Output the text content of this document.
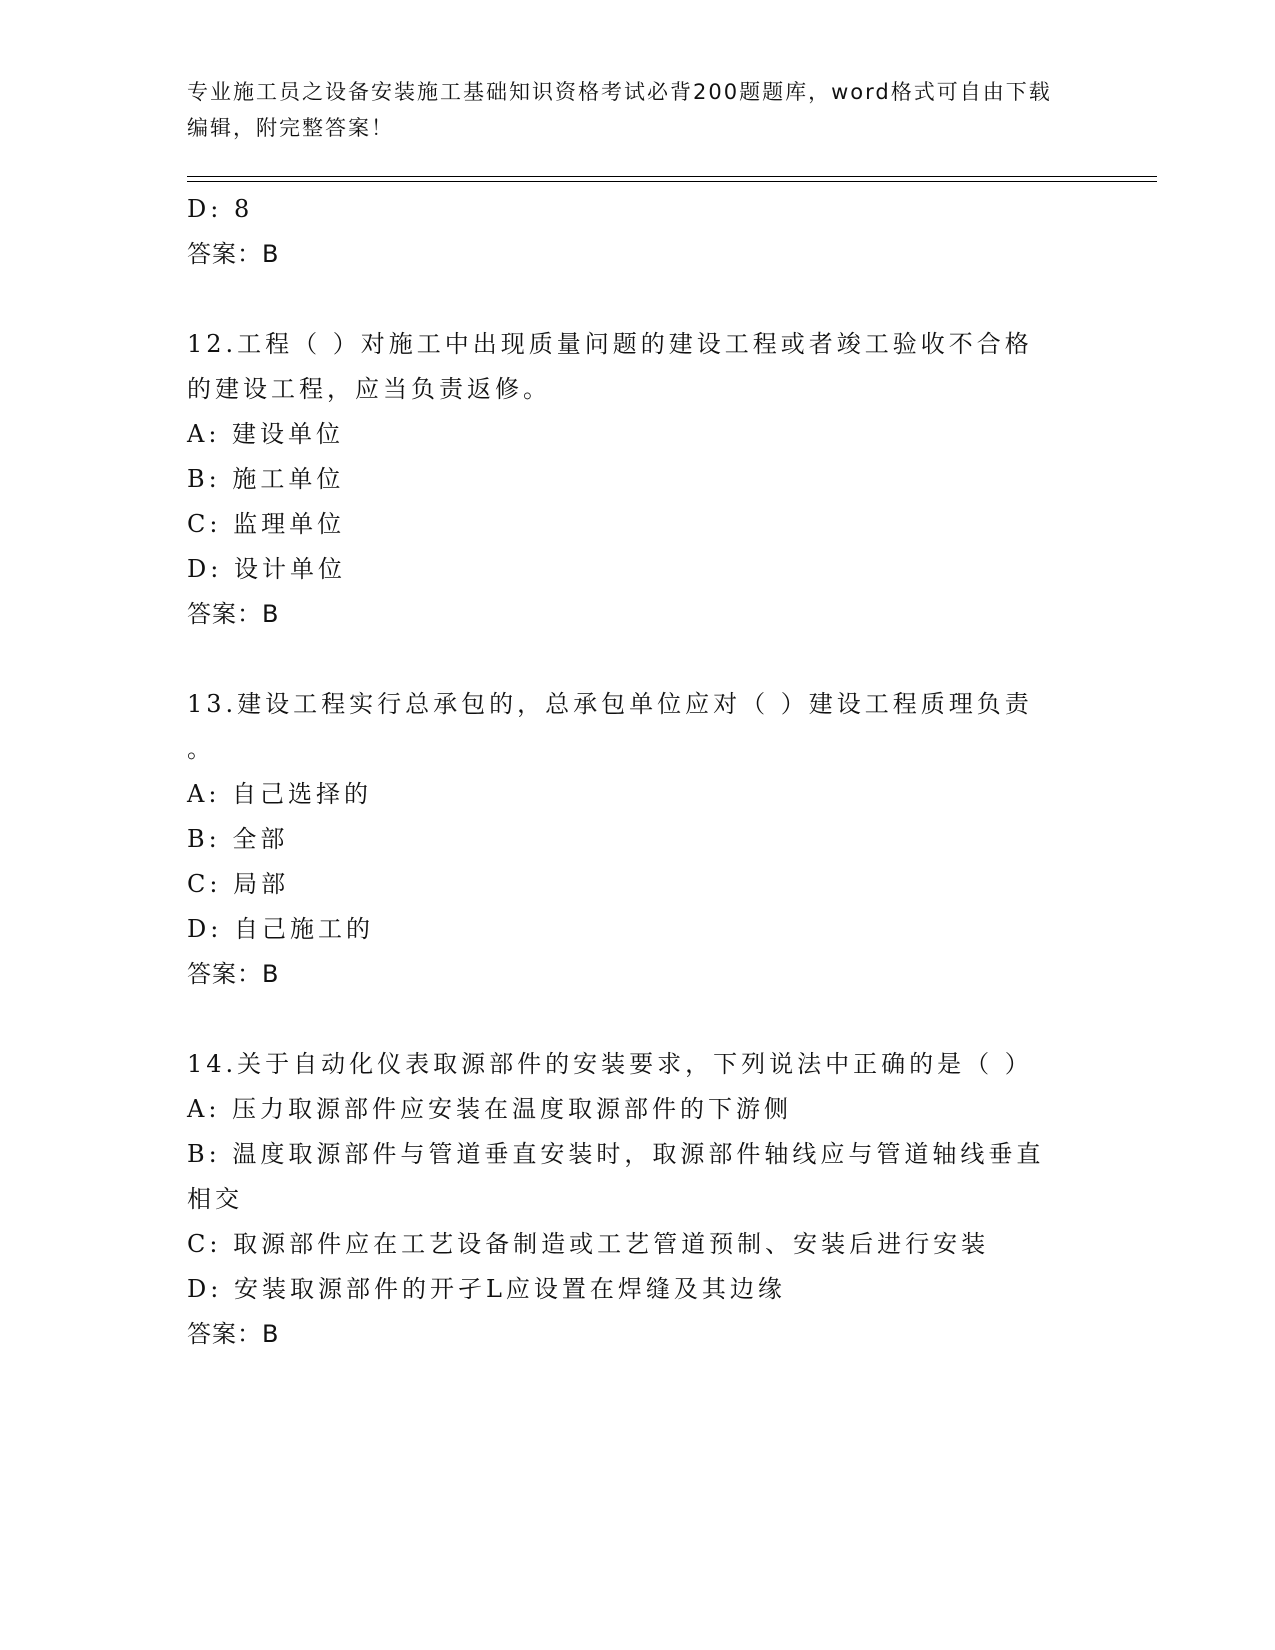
专业施工员之设备安装施工基础知识资格考试必背200题题库，word格式可自由下载编辑，附完整答案！
D: 8
答案：B
12.工程（ ）对施工中出现质量问题的建设工程或者竣工验收不合格
的建设工程，应当负责返修。
A: 建设单位
B: 施工单位
C: 监理单位
D: 设计单位
答案：B
13.建设工程实行总承包的，总承包单位应对（ ）建设工程质理负责
。
A: 自己选择的
B: 全部
C: 局部
D: 自己施工的
答案：B
14.关于自动化仪表取源部件的安装要求，下列说法中正确的是（ ）
A: 压力取源部件应安装在温度取源部件的下游侧
B: 温度取源部件与管道垂直安装时，取源部件轴线应与管道轴线垂直
相交
C: 取源部件应在工艺设备制造或工艺管道预制、安装后进行安装
D: 安装取源部件的开孑L应设置在焊缝及其边缘
答案：B
